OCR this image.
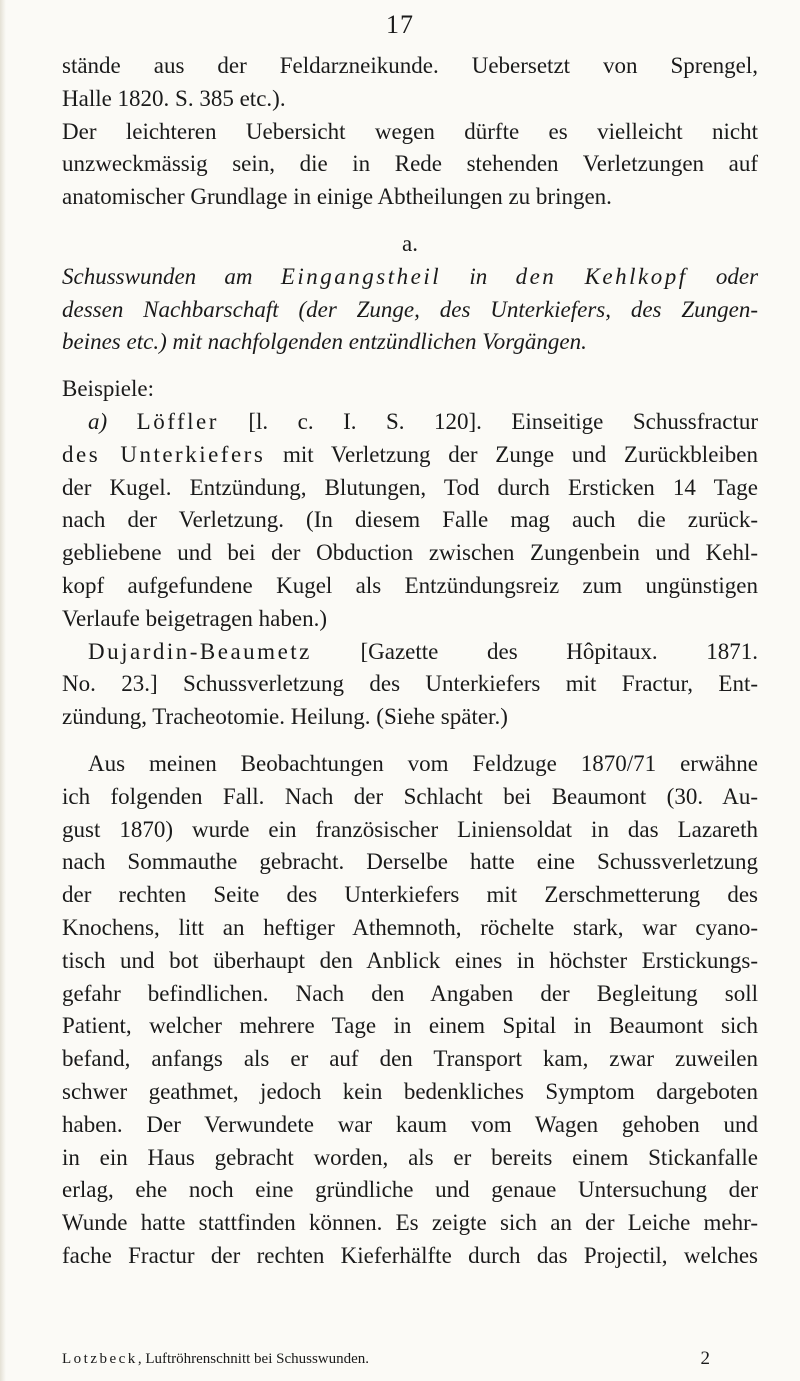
17
stände aus der Feldarzneikunde. Uebersetzt von Sprengel,
Halle 1820. S. 385 etc.).
Der leichteren Uebersicht wegen dürfte es vielleicht nicht
unzweckmässig sein, die in Rede stehenden Verletzungen auf
anatomischer Grundlage in einige Abtheilungen zu bringen.
a.
Schusswunden am Eingangstheil in den Kehlkopf oder
dessen Nachbarschaft (der Zunge, des Unterkiefers, des Zungen-
beines etc.) mit nachfolgenden entzündlichen Vorgängen.
Beispiele:
a) Löffler [l. c. I. S. 120]. Einseitige Schussfractur
des Unterkiefers mit Verletzung der Zunge und Zurückbleiben
der Kugel. Entzündung, Blutungen, Tod durch Ersticken 14 Tage
nach der Verletzung. (In diesem Falle mag auch die zurück-
gebliebene und bei der Obduction zwischen Zungenbein und Kehl-
kopf aufgefundene Kugel als Entzündungsreiz zum ungünstigen
Verlaufe beigetragen haben.)
Dujardin-Beaumetz [Gazette des Hôpitaux. 1871.
No. 23.] Schussverletzung des Unterkiefers mit Fractur, Ent-
zündung, Tracheotomie. Heilung. (Siehe später.)
Aus meinen Beobachtungen vom Feldzuge 1870/71 erwähne
ich folgenden Fall. Nach der Schlacht bei Beaumont (30. Au-
gust 1870) wurde ein französischer Liniensoldat in das Lazareth
nach Sommauthe gebracht. Derselbe hatte eine Schussverletzung
der rechten Seite des Unterkiefers mit Zerschmetterung des
Knochens, litt an heftiger Athemnoth, röchelte stark, war cyano-
tisch und bot überhaupt den Anblick eines in höchster Erstickungs-
gefahr befindlichen. Nach den Angaben der Begleitung soll
Patient, welcher mehrere Tage in einem Spital in Beaumont sich
befand, anfangs als er auf den Transport kam, zwar zuweilen
schwer geathmet, jedoch kein bedenkliches Symptom dargeboten
haben. Der Verwundete war kaum vom Wagen gehoben und
in ein Haus gebracht worden, als er bereits einem Stickanfalle
erlag, ehe noch eine gründliche und genaue Untersuchung der
Wunde hatte stattfinden können. Es zeigte sich an der Leiche mehr-
fache Fractur der rechten Kieferhälfte durch das Projectil, welches
Lotzbeck, Luftröhrenschnitt bei Schusswunden.	2
